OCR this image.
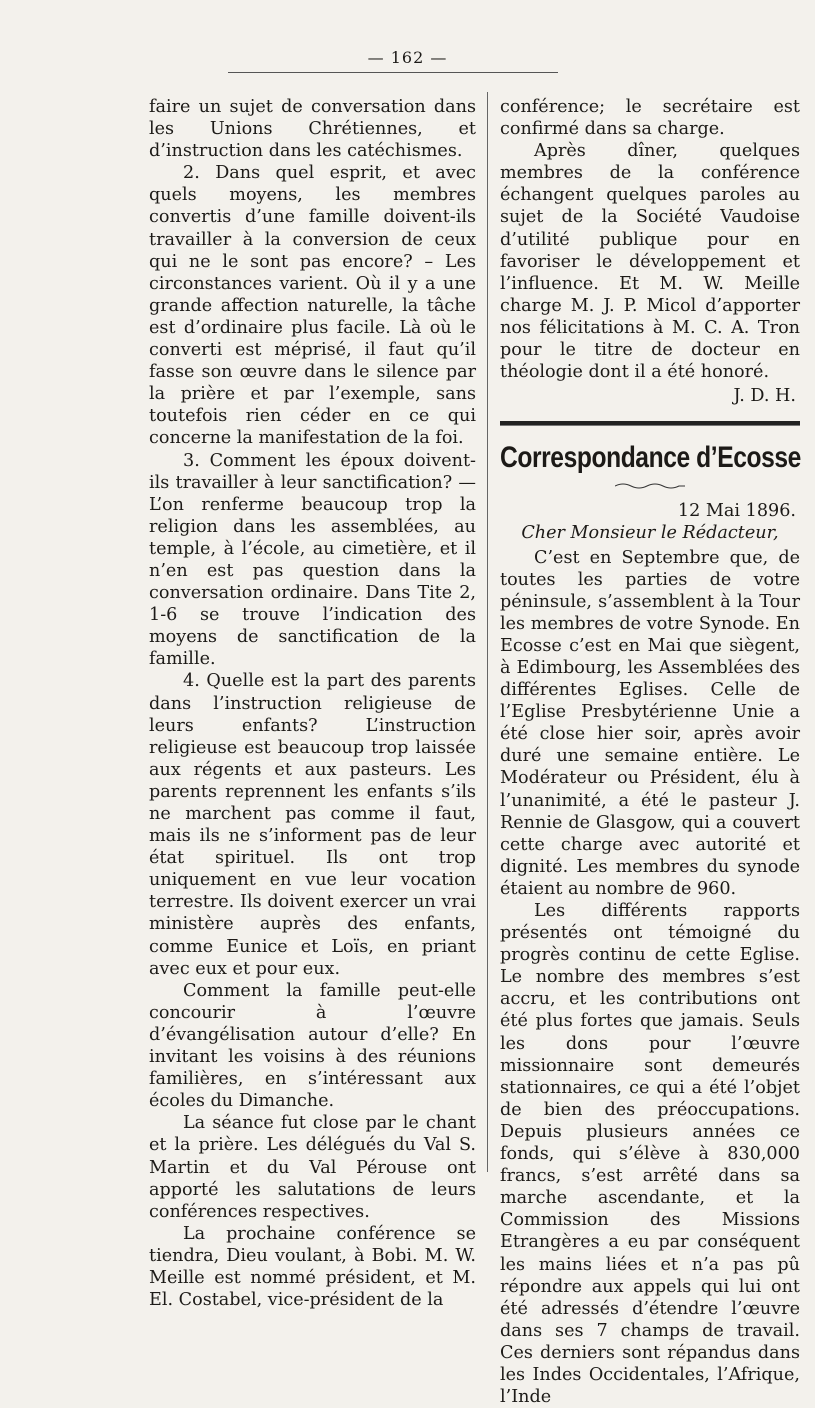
— 162 —

faire un sujet de conversation dans les Unions Chrétiennes, et d’instruction dans les catéchismes.

2. Dans quel esprit, et avec quels moyens, les membres convertis d’une famille doivent-ils travailler à la conversion de ceux qui ne le sont pas encore? – Les circonstances varient. Où il y a une grande affection naturelle, la tâche est d’ordinaire plus facile. Là où le converti est méprisé, il faut qu’il fasse son œuvre dans le silence par la prière et par l’exemple, sans toutefois rien céder en ce qui concerne la manifestation de la foi.

3. Comment les époux doivent-ils travailler à leur sanctification? — L’on renferme beaucoup trop la religion dans les assemblées, au temple, à l’école, au cimetière, et il n’en est pas question dans la conversation ordinaire. Dans Tite 2, 1-6 se trouve l’indication des moyens de sanctification de la famille.

4. Quelle est la part des parents dans l’instruction religieuse de leurs enfants? L’instruction religieuse est beaucoup trop laissée aux régents et aux pasteurs. Les parents reprennent les enfants s’ils ne marchent pas comme il faut, mais ils ne s’informent pas de leur état spirituel. Ils ont trop uniquement en vue leur vocation terrestre. Ils doivent exercer un vrai ministère auprès des enfants, comme Eunice et Loïs, en priant avec eux et pour eux.

Comment la famille peut-elle concourir à l’œuvre d’évangélisation autour d’elle? En invitant les voisins à des réunions familières, en s’intéressant aux écoles du Dimanche.

La séance fut close par le chant et la prière. Les délégués du Val S. Martin et du Val Pérouse ont apporté les salutations de leurs conférences respectives.

La prochaine conférence se tiendra, Dieu voulant, à Bobi. M. W. Meille est nommé président, et M. El. Costabel, vice-président de la

conférence; le secrétaire est confirmé dans sa charge.

Après dîner, quelques membres de la conférence échangent quelques paroles au sujet de la Société Vaudoise d’utilité publique pour en favoriser le développement et l’influence. Et M. W. Meille charge M. J. P. Micol d’apporter nos félicitations à M. C. A. Tron pour le titre de docteur en théologie dont il a été honoré.

J. D. H.
Correspondance d’Ecosse
12 Mai 1896.
Cher Monsieur le Rédacteur,

C’est en Septembre que, de toutes les parties de votre péninsule, s’assemblent à la Tour les membres de votre Synode. En Ecosse c’est en Mai que siègent, à Edimbourg, les Assemblées des différentes Eglises. Celle de l’Eglise Presbytérienne Unie a été close hier soir, après avoir duré une semaine entière. Le Modérateur ou Président, élu à l’unanimité, a été le pasteur J. Rennie de Glasgow, qui a couvert cette charge avec autorité et dignité. Les membres du synode étaient au nombre de 960.

Les différents rapports présentés ont témoigné du progrès continu de cette Eglise. Le nombre des membres s’est accru, et les contributions ont été plus fortes que jamais. Seuls les dons pour l’œuvre missionnaire sont demeurés stationnaires, ce qui a été l’objet de bien des préoccupations. Depuis plusieurs années ce fonds, qui s’élève à 830,000 francs, s’est arrêté dans sa marche ascendante, et la Commission des Missions Etrangères a eu par conséquent les mains liées et n’a pas pû répondre aux appels qui lui ont été adressés d’étendre l’œuvre dans ses 7 champs de travail. Ces derniers sont répandus dans les Indes Occidentales, l’Afrique, l’Inde
